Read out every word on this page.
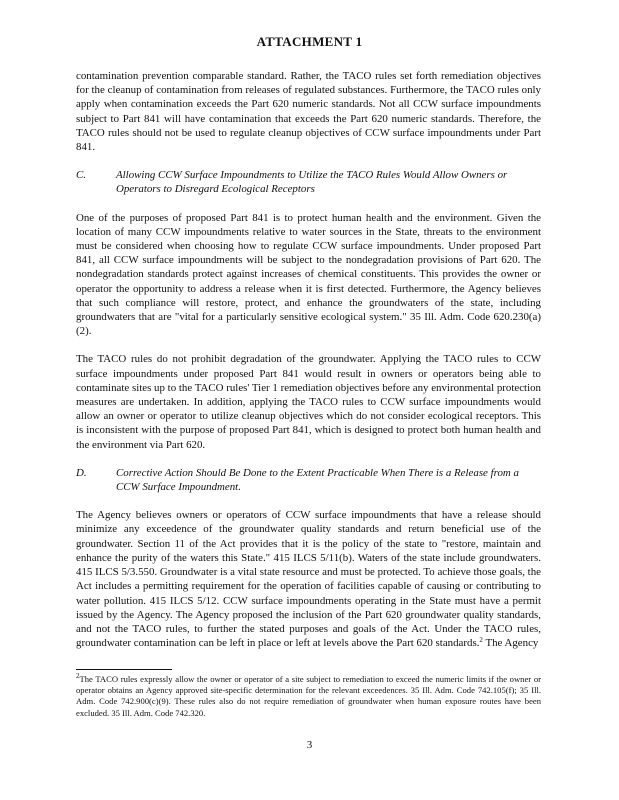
ATTACHMENT 1

contamination prevention comparable standard. Rather, the TACO rules set forth remediation objectives for the cleanup of contamination from releases of regulated substances. Furthermore, the TACO rules only apply when contamination exceeds the Part 620 numeric standards. Not all CCW surface impoundments subject to Part 841 will have contamination that exceeds the Part 620 numeric standards. Therefore, the TACO rules should not be used to regulate cleanup objectives of CCW surface impoundments under Part 841.

C.	Allowing CCW Surface Impoundments to Utilize the TACO Rules Would Allow Owners or Operators to Disregard Ecological Receptors

One of the purposes of proposed Part 841 is to protect human health and the environment. Given the location of many CCW impoundments relative to water sources in the State, threats to the environment must be considered when choosing how to regulate CCW surface impoundments. Under proposed Part 841, all CCW surface impoundments will be subject to the nondegradation provisions of Part 620. The nondegradation standards protect against increases of chemical constituents. This provides the owner or operator the opportunity to address a release when it is first detected. Furthermore, the Agency believes that such compliance will restore, protect, and enhance the groundwaters of the state, including groundwaters that are "vital for a particularly sensitive ecological system." 35 Ill. Adm. Code 620.230(a)(2).

The TACO rules do not prohibit degradation of the groundwater. Applying the TACO rules to CCW surface impoundments under proposed Part 841 would result in owners or operators being able to contaminate sites up to the TACO rules' Tier 1 remediation objectives before any environmental protection measures are undertaken. In addition, applying the TACO rules to CCW surface impoundments would allow an owner or operator to utilize cleanup objectives which do not consider ecological receptors. This is inconsistent with the purpose of proposed Part 841, which is designed to protect both human health and the environment via Part 620.

D.	Corrective Action Should Be Done to the Extent Practicable When There is a Release from a CCW Surface Impoundment.

The Agency believes owners or operators of CCW surface impoundments that have a release should minimize any exceedence of the groundwater quality standards and return beneficial use of the groundwater. Section 11 of the Act provides that it is the policy of the state to "restore, maintain and enhance the purity of the waters this State." 415 ILCS 5/11(b). Waters of the state include groundwaters. 415 ILCS 5/3.550. Groundwater is a vital state resource and must be protected. To achieve those goals, the Act includes a permitting requirement for the operation of facilities capable of causing or contributing to water pollution. 415 ILCS 5/12. CCW surface impoundments operating in the State must have a permit issued by the Agency. The Agency proposed the inclusion of the Part 620 groundwater quality standards, and not the TACO rules, to further the stated purposes and goals of the Act. Under the TACO rules, groundwater contamination can be left in place or left at levels above the Part 620 standards.$^2$ The Agency

$^2$The TACO rules expressly allow the owner or operator of a site subject to remediation to exceed the numeric limits if the owner or operator obtains an Agency approved site-specific determination for the relevant exceedences. 35 Ill. Adm. Code 742.105(f); 35 Ill. Adm. Code 742.900(c)(9). These rules also do not require remediation of groundwater when human exposure routes have been excluded. 35 Ill. Adm. Code 742.320.
3
